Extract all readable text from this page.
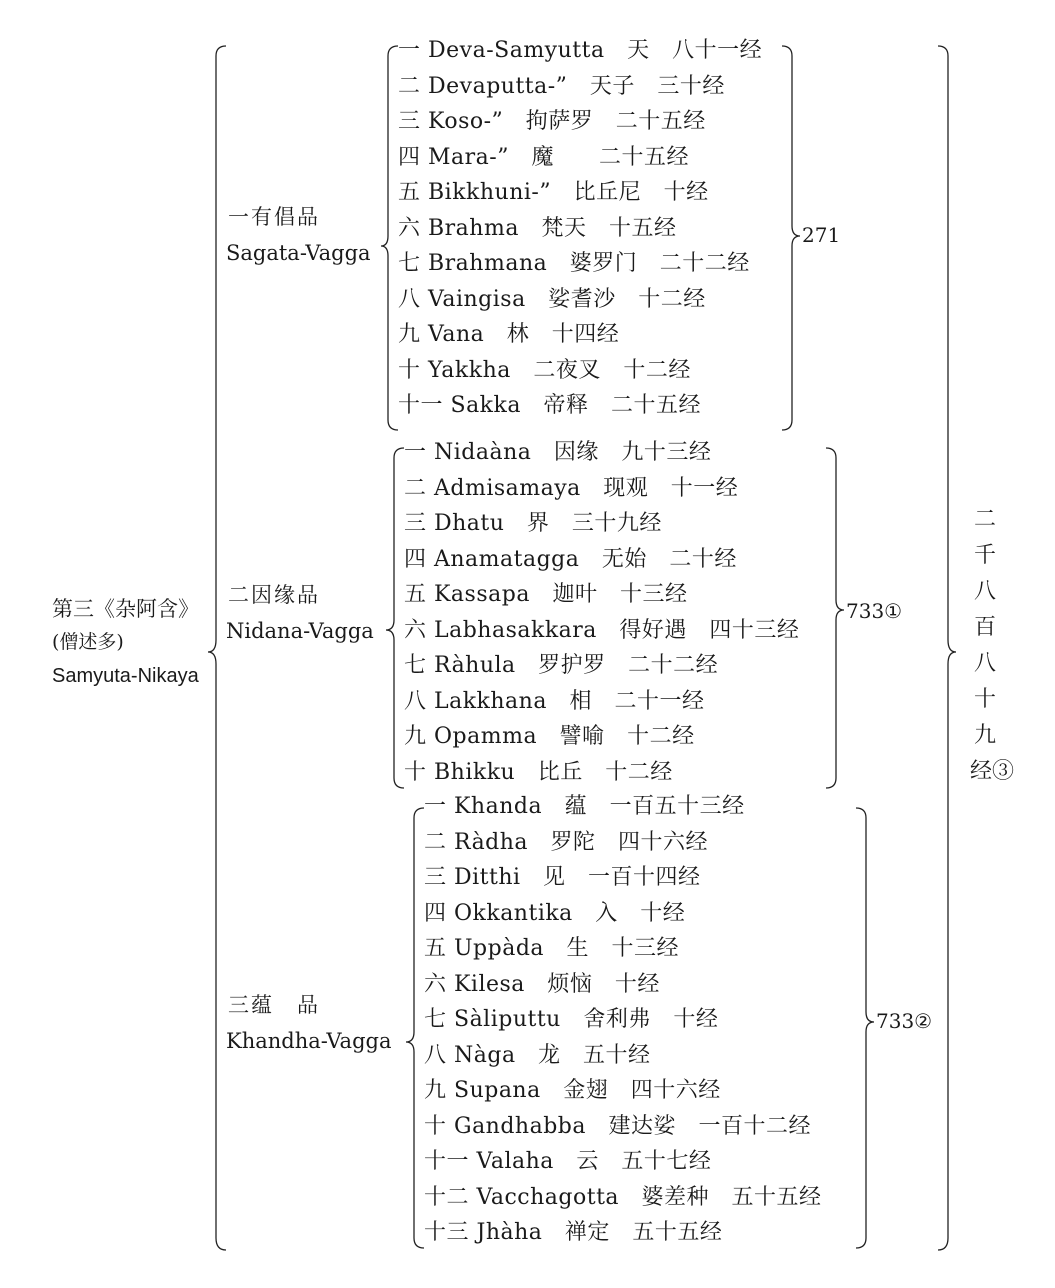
第三《杂阿含》
(僧述多)
Samyuta-Nikaya
一有倡品
Sagata-Vagga
一 Deva-Samyutta　天　八十一经
二 Devaputta-”　天子　三十经
三 Koso-”　拘萨罗　二十五经
四 Mara-”　魔　　二十五经
五 Bikkhuni-”　比丘尼　十经
六 Brahma　梵天　十五经
七 Brahmana　婆罗门　二十二经
八 Vaingisa　娑耆沙　十二经
九 Vana　林　十四经
十 Yakkha　二夜叉　十二经
十一 Sakka　帝释　二十五经
271
二因缘品
Nidana-Vagga
一 Nidaàna　因缘　九十三经
二 Admisamaya　现观　十一经
三 Dhatu　界　三十九经
四 Anamatagga　无始　二十经
五 Kassapa　迦叶　十三经
六 Labhasakkara　得好遇　四十三经
七 Ràhula　罗护罗　二十二经
八 Lakkhana　相　二十一经
九 Opamma　譬喻　十二经
十 Bhikku　比丘　十二经
733①
三蕴　品
Khandha-Vagga
一 Khanda　蕴　一百五十三经
二 Ràdha　罗陀　四十六经
三 Ditthi　见　一百十四经
四 Okkantika　入　十经
五 Uppàda　生　十三经
六 Kilesa　烦恼　十经
七 Sàliputtu　舍利弗　十经
八 Nàga　龙　五十经
九 Supana　金翅　四十六经
十 Gandhabba　建达娑　一百十二经
十一 Valaha　云　五十七经
十二 Vacchagotta　婆差种　五十五经
十三 Jhàha　禅定　五十五经
733②
二
千
八
百
八
十
九
经③
